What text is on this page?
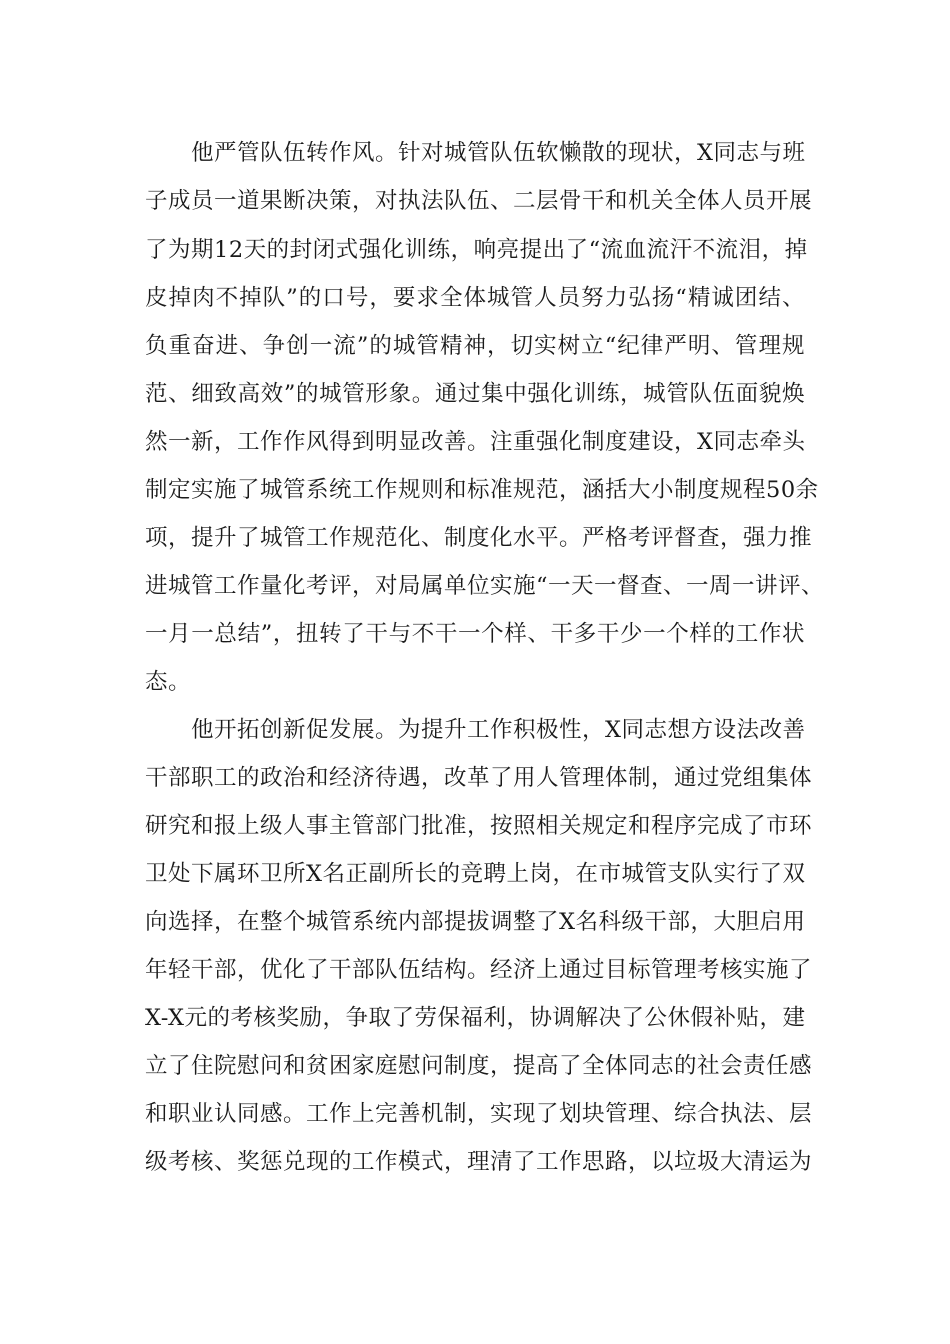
他严管队伍转作风。针对城管队伍软懒散的现状，X同志与班
子成员一道果断决策，对执法队伍、二层骨干和机关全体人员开展
了为期12天的封闭式强化训练，响亮提出了“流血流汗不流泪，掉
皮掉肉不掉队”的口号，要求全体城管人员努力弘扬“精诚团结、
负重奋进、争创一流”的城管精神，切实树立“纪律严明、管理规
范、细致高效”的城管形象。通过集中强化训练，城管队伍面貌焕
然一新，工作作风得到明显改善。注重强化制度建设，X同志牵头
制定实施了城管系统工作规则和标准规范，涵括大小制度规程50余
项，提升了城管工作规范化、制度化水平。严格考评督查，强力推
进城管工作量化考评，对局属单位实施“一天一督查、一周一讲评、
一月一总结”，扭转了干与不干一个样、干多干少一个样的工作状
态。
他开拓创新促发展。为提升工作积极性，X同志想方设法改善
干部职工的政治和经济待遇，改革了用人管理体制，通过党组集体
研究和报上级人事主管部门批准，按照相关规定和程序完成了市环
卫处下属环卫所X名正副所长的竞聘上岗，在市城管支队实行了双
向选择，在整个城管系统内部提拔调整了X名科级干部，大胆启用
年轻干部，优化了干部队伍结构。经济上通过目标管理考核实施了
X-X元的考核奖励，争取了劳保福利，协调解决了公休假补贴，建
立了住院慰问和贫困家庭慰问制度，提高了全体同志的社会责任感
和职业认同感。工作上完善机制，实现了划块管理、综合执法、层
级考核、奖惩兑现的工作模式，理清了工作思路，以垃圾大清运为
